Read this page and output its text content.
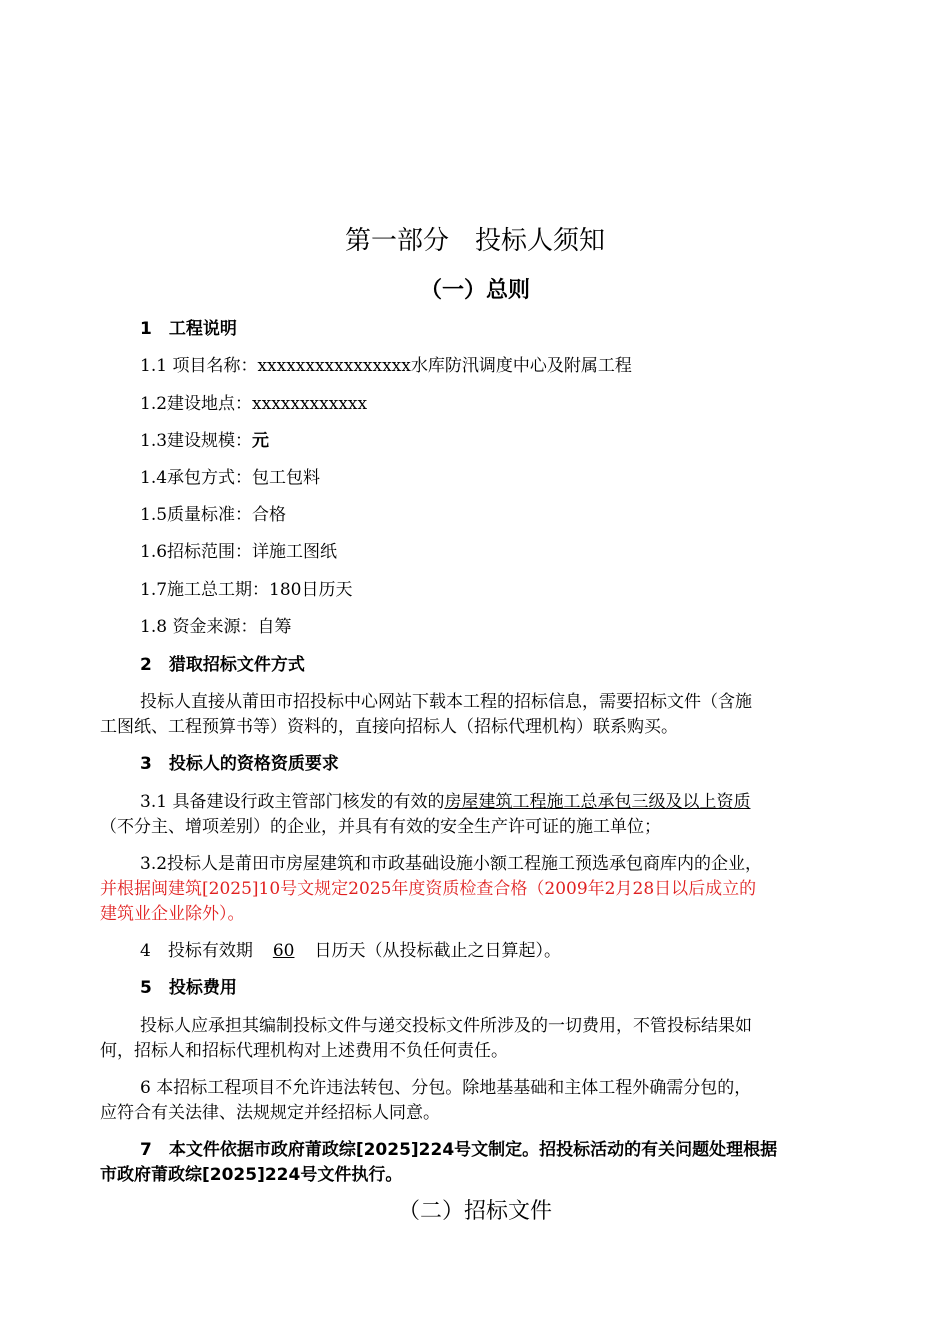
第一部分　投标人须知
（一）总则
1　工程说明
1.1 项目名称：xxxxxxxxxxxxxxxx水库防汛调度中心及附属工程
1.2建设地点：xxxxxxxxxxxx
1.3建设规模：元
1.4承包方式：包工包料
1.5质量标准：合格
1.6招标范围：详施工图纸
1.7施工总工期：180日历天
1.8 资金来源：自筹
2　猎取招标文件方式
投标人直接从莆田市招投标中心网站下载本工程的招标信息，需要招标文件（含施
工图纸、工程预算书等）资料的，直接向招标人（招标代理机构）联系购买。
3　投标人的资格资质要求
3.1 具备建设行政主管部门核发的有效的房屋建筑工程施工总承包三级及以上资质
（不分主、增项差别）的企业，并具有有效的安全生产许可证的施工单位；
3.2投标人是莆田市房屋建筑和市政基础设施小额工程施工预选承包商库内的企业，
并根据闽建筑[2025]10号文规定2025年度资质检查合格（2009年2月28日以后成立的
建筑业企业除外）。
4　投标有效期 60 日历天（从投标截止之日算起）。
5　投标费用
投标人应承担其编制投标文件与递交投标文件所涉及的一切费用，不管投标结果如
何，招标人和招标代理机构对上述费用不负任何责任。
6 本招标工程项目不允许违法转包、分包。除地基基础和主体工程外确需分包的，
应符合有关法律、法规规定并经招标人同意。
7　本文件依据市政府莆政综[2025]224号文制定。招投标活动的有关问题处理根据
市政府莆政综[2025]224号文件执行。
（二）招标文件
